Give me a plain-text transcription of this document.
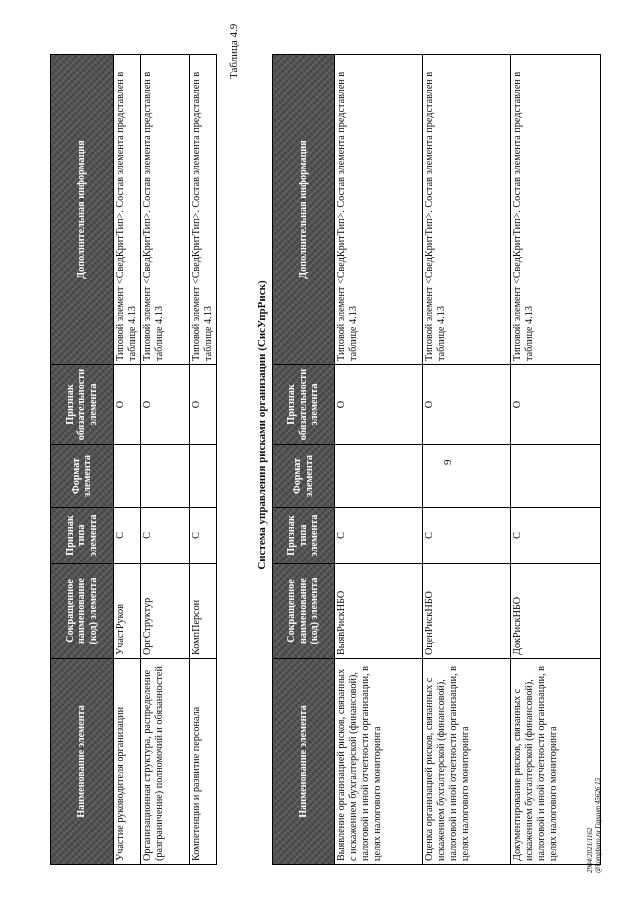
9
Наименование элемента	Сокращенное наименование (код) элемента	Признак типа элемента	Формат элемента	Признак обязательности элемента	Дополнительная информация
Участие руководителя организации	УчастРуков	С		О	Типовой элемент <СведКритТип>. Состав элемента представлен в таблице 4.13
Организационная структура, распределение (разграничение) полномочий и обязанностей	ОргСтруктур	С		О	Типовой элемент <СведКритТип>. Состав элемента представлен в таблице 4.13
Компетенции и развитие персонала	КомпПерсон	С		О	Типовой элемент <СведКритТип>. Состав элемента представлен в таблице 4.13
Таблица 4.9
Система управления рисками организации (СисУпрРиск)
Наименование элемента	Сокращенное наименование (код) элемента	Признак типа элемента	Формат элемента	Признак обязательности элемента	Дополнительная информация
Выявление организацией рисков, связанных с искажением бухгалтерской (финансовой), налоговой и иной отчетности организации, в целях налогового мониторинга	ВыявРискНБО	С		О	Типовой элемент <СведКритТип>. Состав элемента представлен в таблице 4.13
Оценка организацией рисков, связанных с искажением бухгалтерской (финансовой), налоговой и иной отчетности организации, в целях налогового мониторинга	ОценРискНБО	С		О	Типовой элемент <СведКритТип>. Состав элемента представлен в таблице 4.13
Документирование рисков, связанных с искажением бухгалтерской (финансовой), налоговой и иной отчетности организации, в целях налогового мониторинга	ДокРискНБО	С		О	Типовой элемент <СведКритТип>. Состав элемента представлен в таблице 4.13
2904/2021/1162 @kompburo.ru Гарант 45626 15
